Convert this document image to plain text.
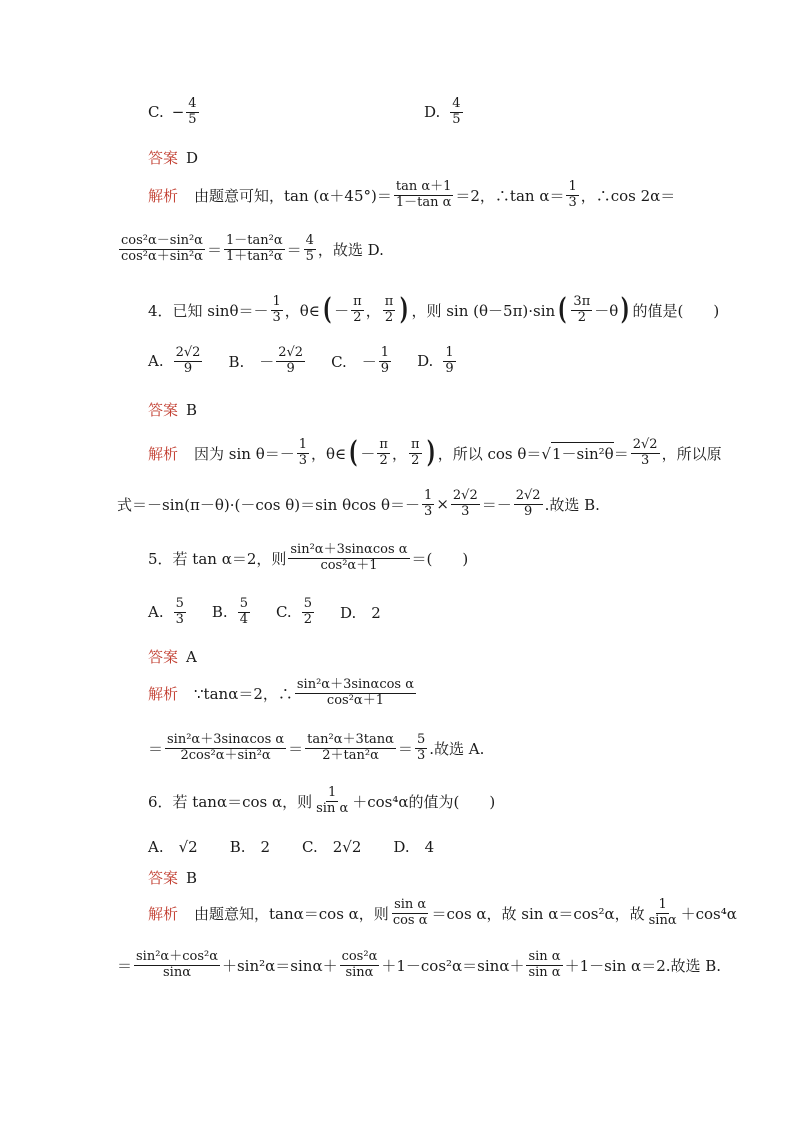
C. − $\frac{4}{5}$	D. $\frac{4}{5}$
答案 D
解析 由题意可知，$\tan (\alpha+45^\circ)= \frac{\text{tan α＋1}}{\text{1－tan α}} =2$，∴tan $\alpha= \frac{1}{3}$ ，∴cos 2α＝
$\frac{\text{cos²α－sin²α}}{\text{cos²α＋sin²α}} = \frac{\text{1－tan²α}}{\text{1＋tan²α}} = \frac{4}{5}$ ，故选 D.
4．已知 $\sin\theta=- \frac{1}{3}$ ，θ∈ ( － $\frac{\pi}{2}$ ， $\frac{\pi}{2}$ ) ，则 sin (θ－5π)·sin ( $\frac{3\pi}{2} -\theta$ ) 的值是(　　)
A. $\frac{2√2}{9} B$.　－ $\frac{2√2}{9} C$.　－ $\frac{1}{9} D$. $\frac{1}{9}$
答案 B
解析 因为 $\sin \theta=- \frac{1}{3}$ ，θ∈ ( － $\frac{\pi}{2}$ ， $\frac{\pi}{2}$ ) ，所以 cos θ＝√ $1-\sin^2\theta = \frac{2√2}{3}$ ，所以原
式＝－sin(π－θ)·(－cos θ)＝sin θcos $\theta=- \frac{1}{3} \times \frac{2√2}{3} =- \frac{2√2}{9}$ .故选 B.
5．若 tan α＝2，则 $\frac{\text{sin²α＋3sinαcos α}}{\text{cos²α＋1}}$ ＝(　　)
A. $\frac{5}{3} B$. $\frac{5}{4} C$. $\frac{5}{2} D$.　2
答案 A
解析 ∵tanα＝2，∴ $\frac{\text{sin²α＋3sinαcos α}}{\text{cos²α＋1}}$
＝ $\frac{\text{sin²α＋3sinαcos α}}{\text{2cos²α＋sin²α}} = \frac{\text{tan²α＋3tanα}}{\text{2＋tan²α}} = \frac{5}{3}$ .故选 A.
6．若 tanα＝cos α，则 $\frac{1}{\text{sin α}} +\cos^4\alpha$的值为(　　)
A.　√2 B.　2 C.　2√2 D.　4
答案 B
解析 由题意知，tanα＝cos α，则 $\frac{\text{sin α}}{\text{cos α}} =\cos$ α，故 sin α＝cos²α，故 $\frac{1}{\sin\alpha} +\cos^4\alpha$
＝ $\frac{\text{sin²α＋cos²α}}{\sin\alpha} +\sin^2\alpha=\sin\alpha+ \frac{\text{cos²α}}{\sin\alpha} +1-\cos^2\alpha=\sin\alpha+ \frac{\text{sin α}}{\text{sin α}} +1-\sin$ α＝2.故选 B.
